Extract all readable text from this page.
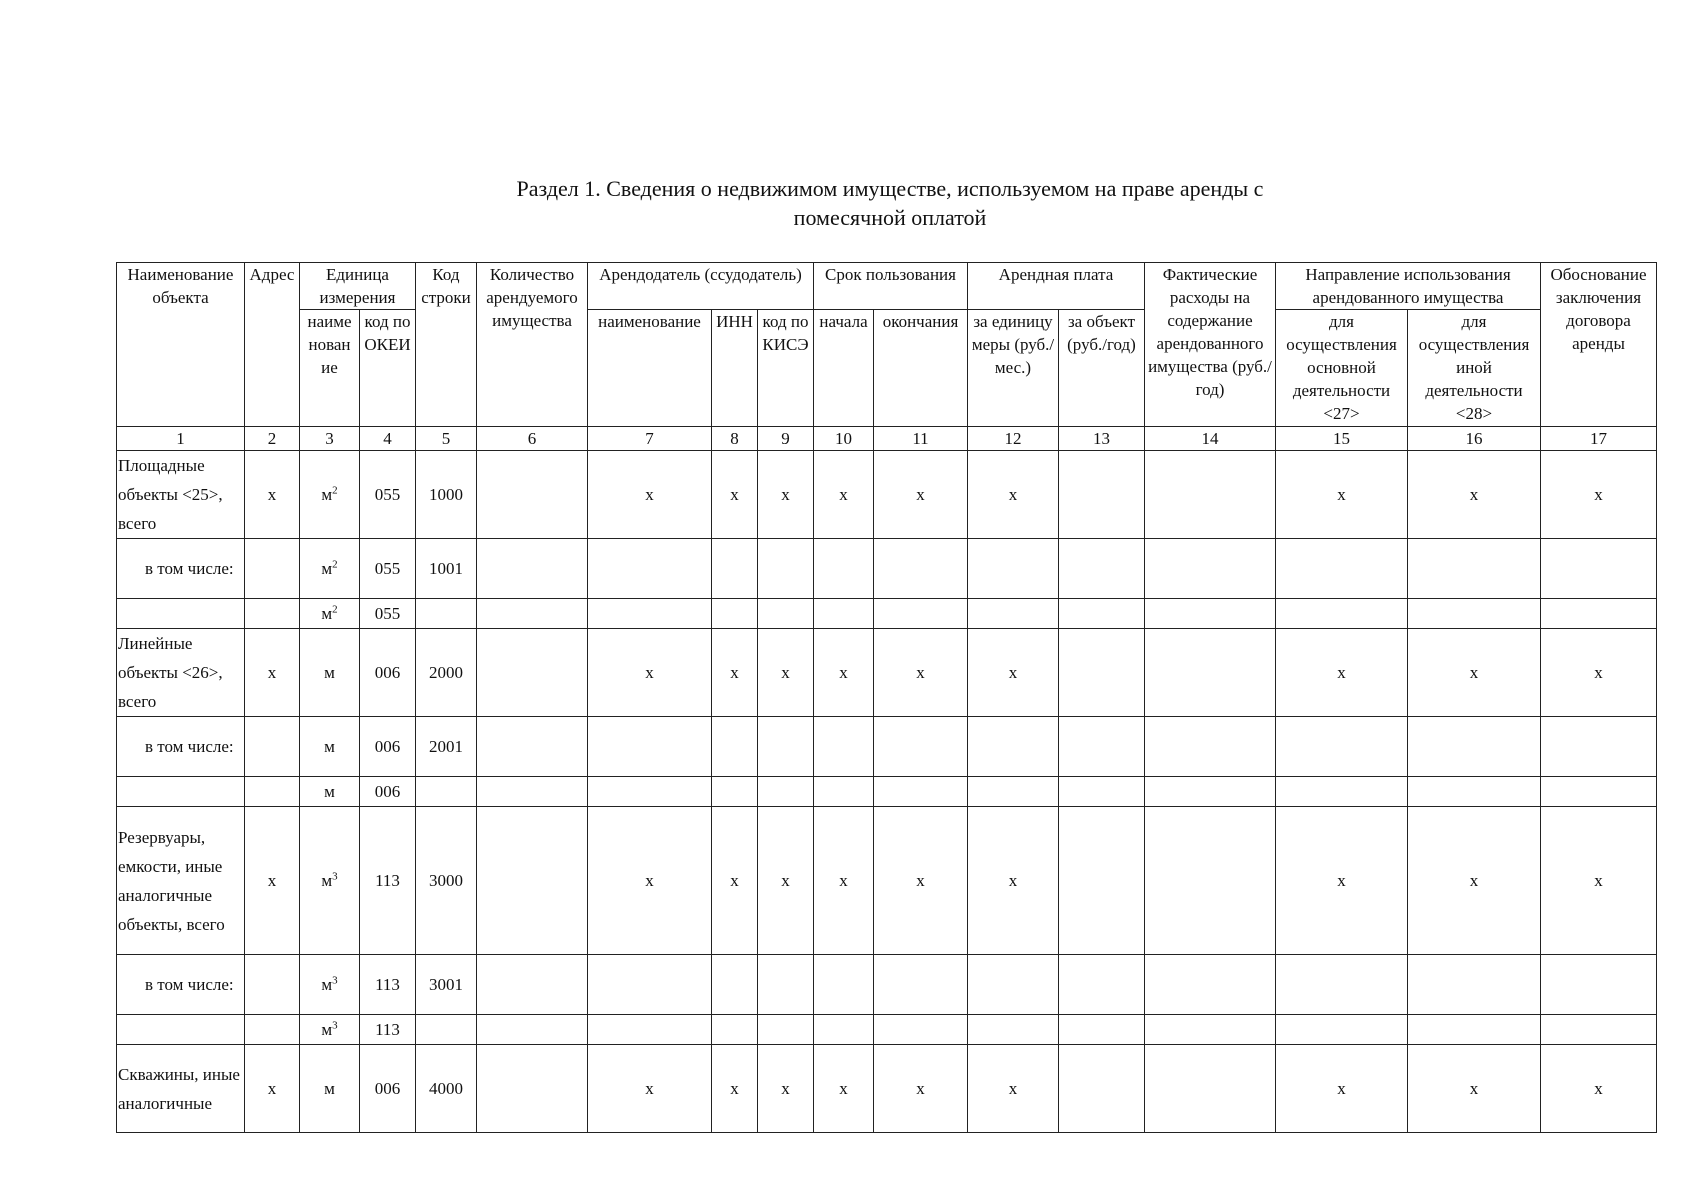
Раздел 1. Сведения о недвижимом имуществе, используемом на праве аренды с
помесячной оплатой
Наименование объекта	Адрес	Единица измерения		Код строки	Количество арендуемого имущества	Арендодатель (ссудодатель)			Срок пользования		Арендная плата		Фактические расходы на содержание арендованного имущества (руб./год)	Направление использования арендованного имущества		Обоснование заключения договора аренды
		наиме нован ие	код по ОКЕИ			наименование	ИНН	код по КИСЭ	начала	окончания	за единицу меры (руб./мес.)	за объект (руб./год)		для осуществления основной деятельности <27>	для осуществления иной деятельности <28>	
1	2	3	4	5	6	7	8	9	10	11	12	13	14	15	16	17
Площадные объекты <25>, всего	x	$м^2$	055	1000		x	x	x	x	x	x			x	x	x
в том числе:		$м^2$	055	1001												
		$м^2$	055													
Линейные объекты <26>, всего	x	м	006	2000		x	x	x	x	x	x			x	x	x
в том числе:		м	006	2001												
		м	006													
Резервуары, емкости, иные аналогичные объекты, всего	x	$м^3$	113	3000		x	x	x	x	x	x			x	x	x
в том числе:		$м^3$	113	3001												
		$м^3$	113													
Скважины, иные аналогичные	x	м	006	4000		x	x	x	x	x	x			x	x	x
